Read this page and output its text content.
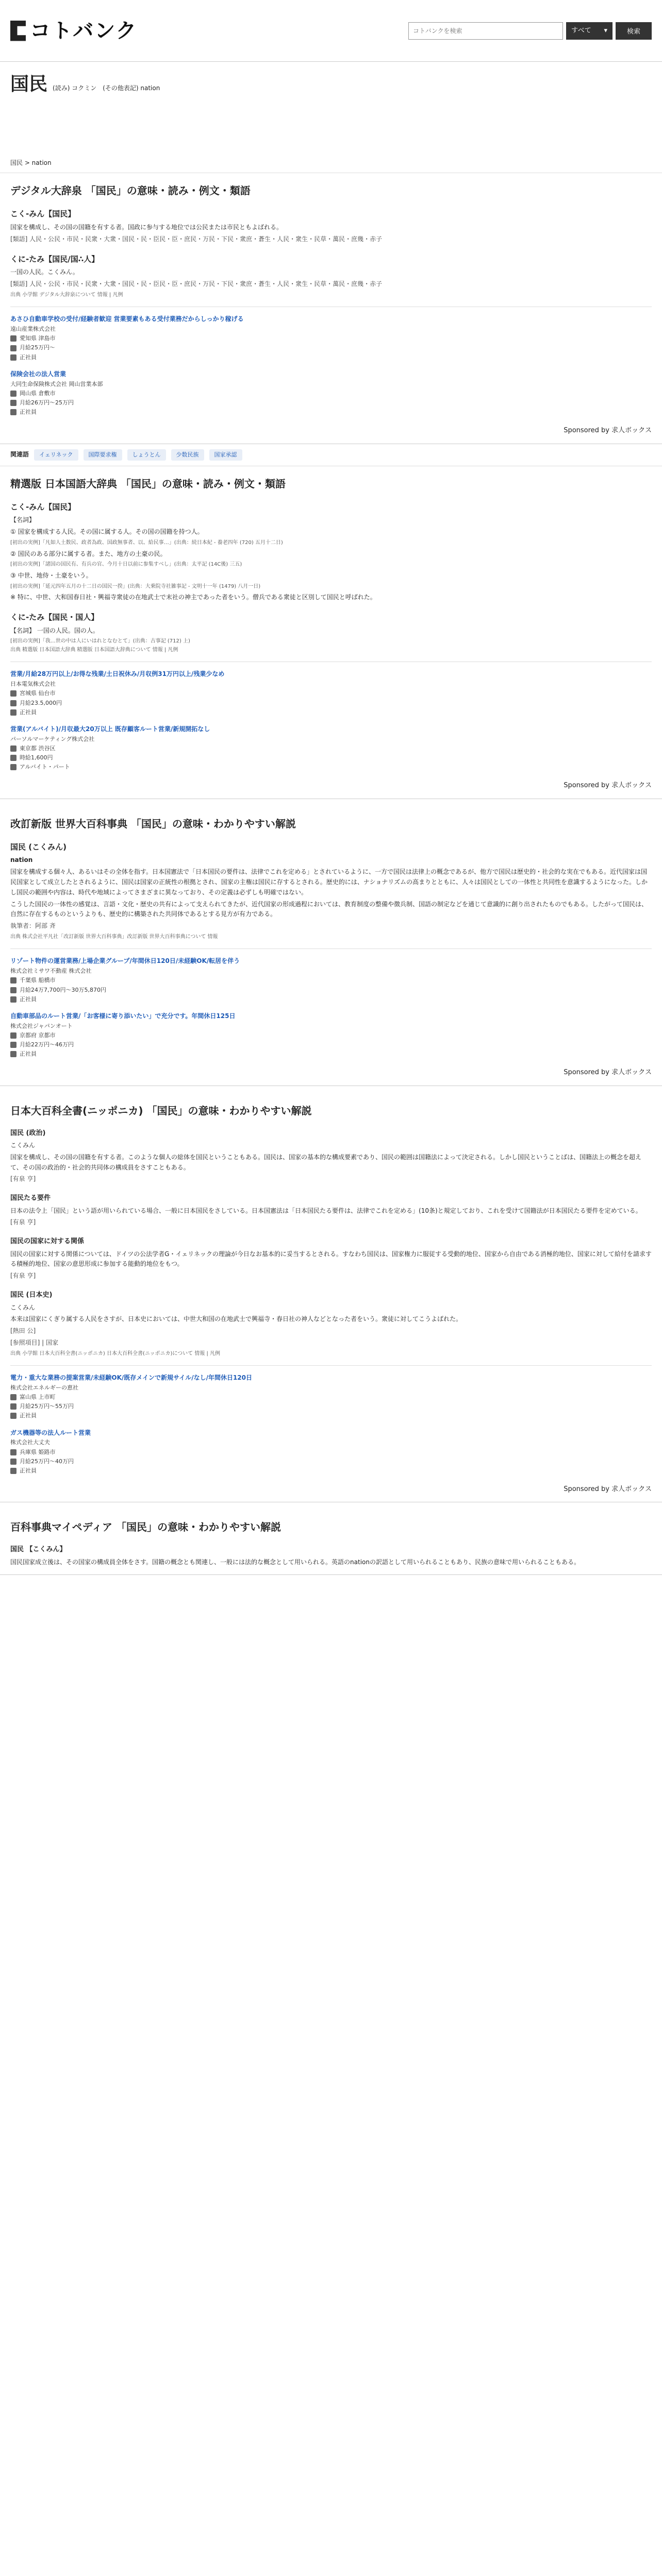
コトバンク
コトバンクを検索	すべて ▾	検索
国民 (読み) コクミン　(その他表記) nation
国民 > nation
デジタル大辞泉 「国民」の意味・読み・例文・類語
こく‐みん【国民】
国家を構成し、その国の国籍を有する者。国政に参与する地位では公民または市民ともよばれる。
[類語] 人民・公民・市民・民衆・大衆・国民・民・臣民・臣・庶民・万民・下民・衆庶・蒼生・人民・衆生・民草・萬民・庶幾・赤子
くに‐たみ【国民/国∴人】
一国の人民。こくみん。
[類語] 人民・公民・市民・民衆・大衆・国民・民・臣民・臣・庶民・万民・下民・衆庶・蒼生・人民・衆生・民草・萬民・庶幾・赤子
出典 小学館 デジタル大辞泉について 情報 | 凡例
あさひ自動車学校の受付/経験者歓迎 営業要素もある受付業務だからしっかり稼げる
遠山産業株式会社
愛知県 津島市
月給25万円〜
正社員
保険会社の法人営業
大同生命保険株式会社 岡山営業本部
岡山県 倉敷市
月給26万円〜25万円
正社員
Sponsored by 求人ボックス
関連語	イェリネック	国際要求権	しょうとん	少数民族	国家承認
精選版 日本国語大辞典 「国民」の意味・読み・例文・類語
こく‐みん【国民】
【名詞】
① 国家を構成する人民。その国に属する人。その国の国籍を持つ人。
[初出の実例]「凡如人土数民、政者為政、国政無事者、以、給民事…」(出典：続日本紀 - 養老四年 (720) 五月十二日)
② 国民のある部分に属する者。また、地方の土豪の民。
[初出の実例]「諸国の国民有、有兵の官、今月十日以前に参集すべし」(出典：太平記 (14C後) 三五)
③ 中世、地侍・土豪をいう。
[初出の実例]「延元四年五月の十二日の国民一揆」(出典：大乗院寺社雑事記 - 文明十一年 (1479) 八月一日)
※ 特に、中世、大和国春日社・興福寺衆徒の在地武士で末社の神主であった者をいう。僧兵である衆徒と区別して国民と呼ばれた。
くに‐たみ【国民・国人】
【名詞】 一国の人民。国の人。
[初出の実例]「我…世の中は人にいはれとなむとて」(出典：古事記 (712) 上)
出典 精選版 日本国語大辞典 精選版 日本国語大辞典について 情報 | 凡例
営業/月給28万円以上/お得な残業/土日祝休み/月収例31万円以上/残業少なめ
日本電気株式会社
宮城県 仙台市
月給23.5,000円
正社員
営業(アルバイト)/月収最大20万以上 既存顧客ルート営業/新規開拓なし
パーソルマーケティング株式会社
東京都 渋谷区
時給1,600円
アルバイト・パート
Sponsored by 求人ボックス
改訂新版 世界大百科事典 「国民」の意味・わかりやすい解説
国民 (こくみん)
nation
国家を構成する個々人、あるいはその全体を指す。日本国憲法で「日本国民の要件は、法律でこれを定める」とされているように、一方で国民は法律上の概念であるが、他方で国民は歴史的・社会的な実在でもある。近代国家は国民国家として成立したとされるように、国民は国家の正統性の根拠とされ、国家の主権は国民に存するとされる。歴史的には、ナショナリズムの高まりとともに、人々は国民としての一体性と共同性を意識するようになった。しかし国民の範囲や内容は、時代や地域によってさまざまに異なっており、その定義は必ずしも明確ではない。
こうした国民の一体性の感覚は、言語・文化・歴史の共有によって支えられてきたが、近代国家の形成過程においては、教育制度の整備や徴兵制、国語の制定などを通じて意識的に創り出されたものでもある。したがって国民は、自然に存在するものというよりも、歴史的に構築された共同体であるとする見方が有力である。
執筆者：阿部 斉
出典 株式会社平凡社「改訂新版 世界大百科事典」改訂新版 世界大百科事典について 情報
リゾート物件の運営業務/上場企業グループ/年間休日120日/未経験OK/転居を伴う
株式会社ミサワ不動産 株式会社
千葉県 船橋市
月給24万7,700円〜30万5,870円
正社員
自動車部品のルート営業/「お客様に寄り添いたい」で充分です。年間休日125日
株式会社ジャパンオート
京都府 京都市
月給22万円〜46万円
正社員
Sponsored by 求人ボックス
日本大百科全書(ニッポニカ) 「国民」の意味・わかりやすい解説
国民 (政治)
こくみん
国家を構成し、その国の国籍を有する者。このような個人の総体を国民ということもある。国民は、国家の基本的な構成要素であり、国民の範囲は国籍法によって決定される。しかし国民ということばは、国籍法上の概念を超えて、その国の政治的・社会的共同体の構成員をさすこともある。
[有泉 亨]
国民たる要件
日本の法令上「国民」という語が用いられている場合、一般に日本国民をさしている。日本国憲法は「日本国民たる要件は、法律でこれを定める」(10条)と規定しており、これを受けて国籍法が日本国民たる要件を定めている。
[有泉 亨]
国民の国家に対する関係
国民の国家に対する関係については、ドイツの公法学者G・イェリネックの理論が今日なお基本的に妥当するとされる。すなわち国民は、国家権力に服従する受動的地位、国家から自由である消極的地位、国家に対して給付を請求する積極的地位、国家の意思形成に参加する能動的地位をもつ。
[有泉 亨]
国民 (日本史)
こくみん
本来は国家にくぎり属する人民をさすが、日本史においては、中世大和国の在地武士で興福寺・春日社の神人などとなった者をいう。衆徒に対してこうよばれた。
[熱田 公]
[参照項目] | 国家
出典 小学館 日本大百科全書(ニッポニカ) 日本大百科全書(ニッポニカ)について 情報 | 凡例
電力・重大な業務の提案営業/未経験OK/既存メインで新規サイル/なし/年間休日120日
株式会社エネルギーの恵社
富山県 上市町
月給25万円〜55万円
正社員
ガス機器等の法人ルート営業
株式会社大丈夫
兵庫県 姫路市
月給25万円〜40万円
正社員
Sponsored by 求人ボックス
百科事典マイペディア 「国民」の意味・わかりやすい解説
国民 【こくみん】
国民国家成立後は、その国家の構成員全体をさす。国籍の概念とも関連し、一般には法的な概念として用いられる。英語のnationの訳語として用いられることもあり、民族の意味で用いられることもある。
